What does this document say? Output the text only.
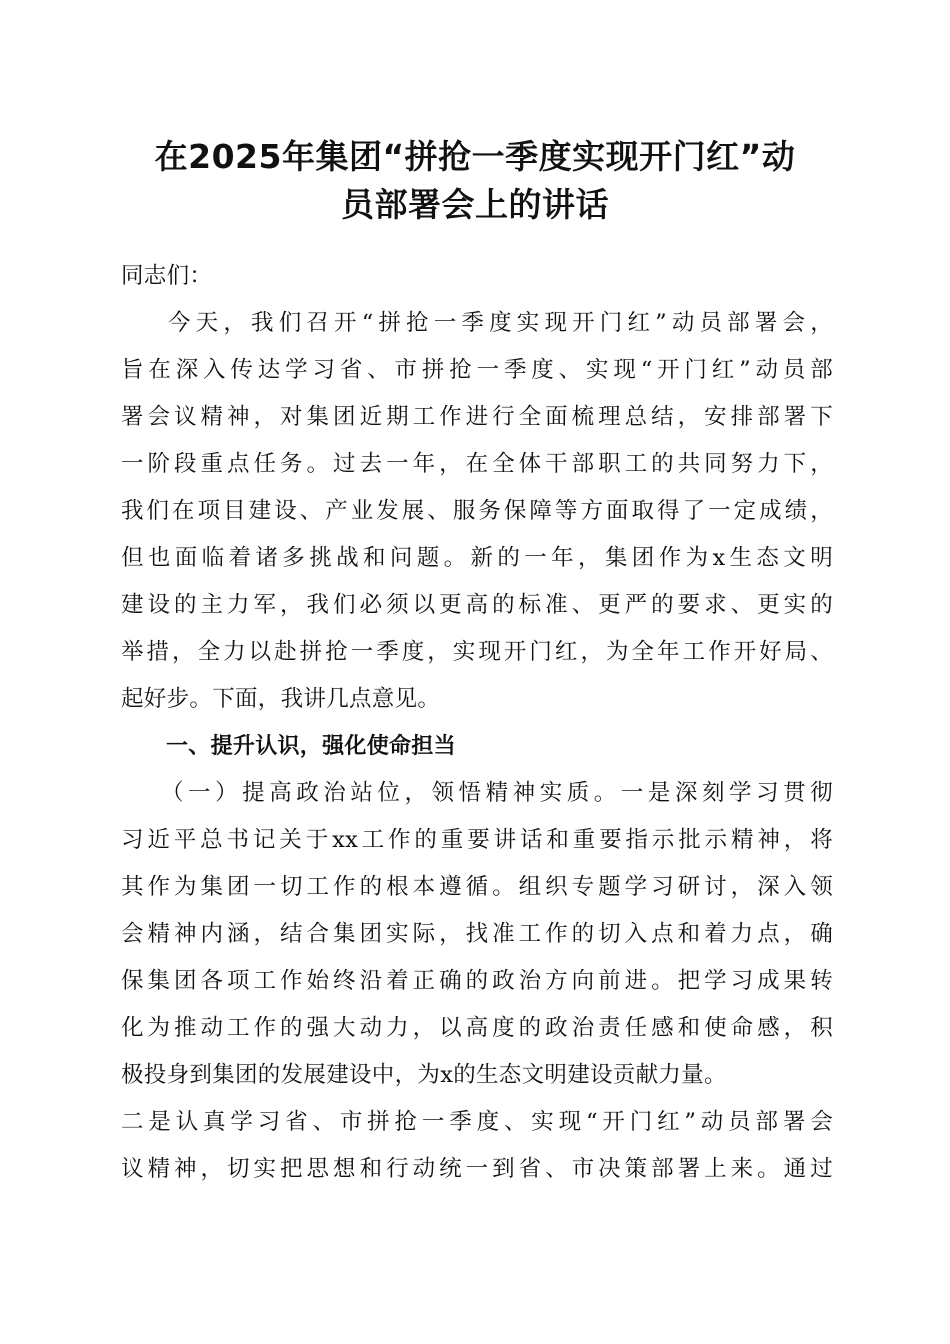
在2025年集团“拼抢一季度实现开门红”动
员部署会上的讲话
同志们：
今天，我们召开“拼抢一季度实现开门红”动员部署会，
旨在深入传达学习省、市拼抢一季度、实现“开门红”动员部
署会议精神，对集团近期工作进行全面梳理总结，安排部署下
一阶段重点任务。过去一年，在全体干部职工的共同努力下，
我们在项目建设、产业发展、服务保障等方面取得了一定成绩，
但也面临着诸多挑战和问题。新的一年，集团作为x生态文明
建设的主力军，我们必须以更高的标准、更严的要求、更实的
举措，全力以赴拼抢一季度，实现开门红，为全年工作开好局、
起好步。下面，我讲几点意见。
一、提升认识，强化使命担当
（一）提高政治站位，领悟精神实质。一是深刻学习贯彻
习近平总书记关于xx工作的重要讲话和重要指示批示精神，将
其作为集团一切工作的根本遵循。组织专题学习研讨，深入领
会精神内涵，结合集团实际，找准工作的切入点和着力点，确
保集团各项工作始终沿着正确的政治方向前进。把学习成果转
化为推动工作的强大动力，以高度的政治责任感和使命感，积
极投身到集团的发展建设中，为x的生态文明建设贡献力量。
二是认真学习省、市拼抢一季度、实现“开门红”动员部署会
议精神，切实把思想和行动统一到省、市决策部署上来。通过
